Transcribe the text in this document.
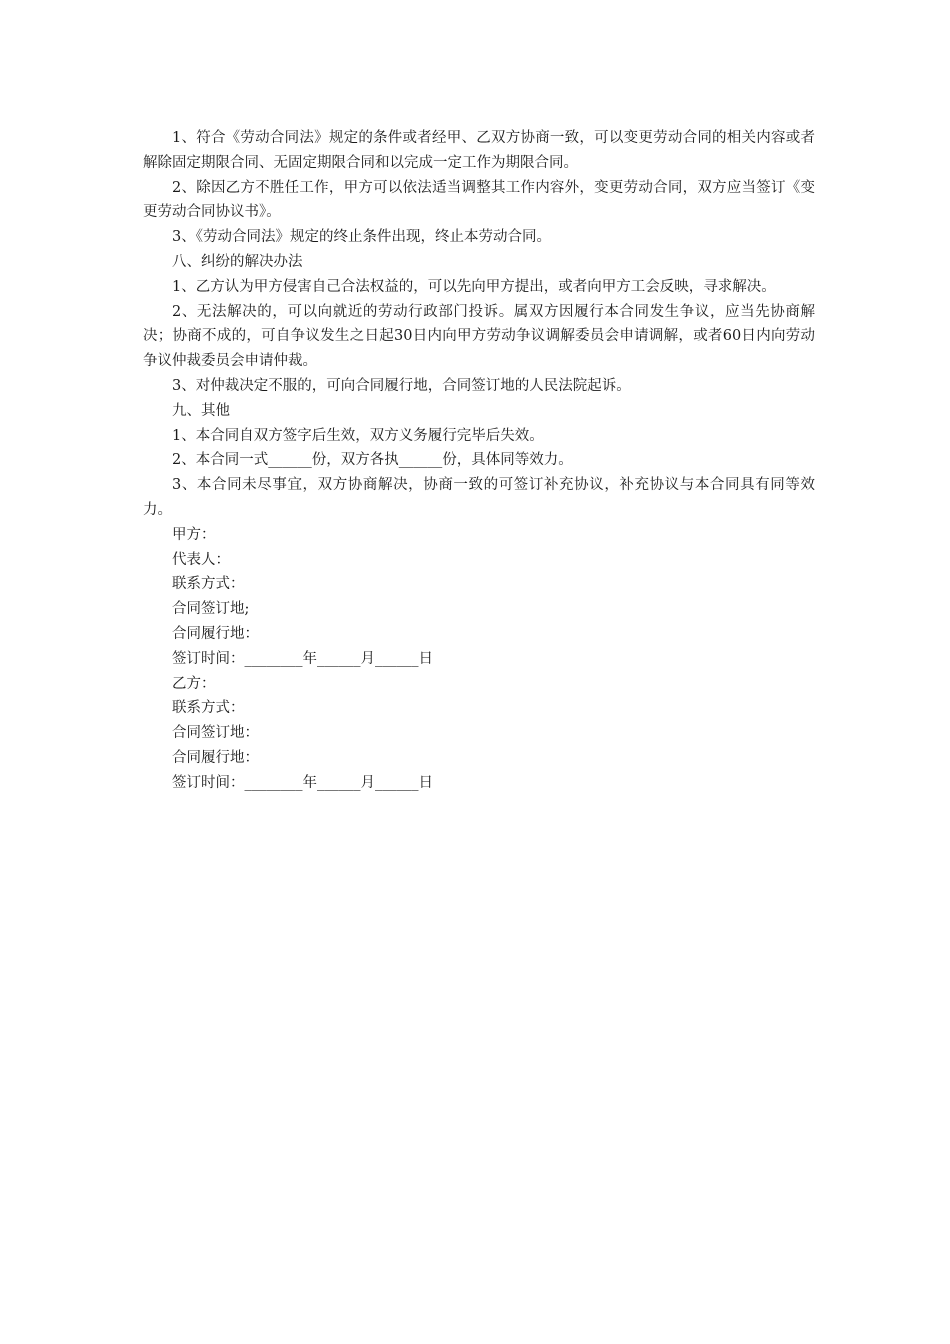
1、符合《劳动合同法》规定的条件或者经甲、乙双方协商一致，可以变更劳动合同的相关内容或者解除固定期限合同、无固定期限合同和以完成一定工作为期限合同。

2、除因乙方不胜任工作，甲方可以依法适当调整其工作内容外，变更劳动合同，双方应当签订《变更劳动合同协议书》。

3、《劳动合同法》规定的终止条件出现，终止本劳动合同。

八、纠纷的解决办法

1、乙方认为甲方侵害自己合法权益的，可以先向甲方提出，或者向甲方工会反映，寻求解决。

2、无法解决的，可以向就近的劳动行政部门投诉。属双方因履行本合同发生争议，应当先协商解决；协商不成的，可自争议发生之日起30日内向甲方劳动争议调解委员会申请调解，或者60日内向劳动争议仲裁委员会申请仲裁。

3、对仲裁决定不服的，可向合同履行地，合同签订地的人民法院起诉。

九、其他

1、本合同自双方签字后生效，双方义务履行完毕后失效。

2、本合同一式______份，双方各执______份，具体同等效力。

3、本合同未尽事宜，双方协商解决，协商一致的可签订补充协议，补充协议与本合同具有同等效力。

甲方：

代表人：

联系方式：

合同签订地;

合同履行地：

签订时间：________年______月______日

乙方：

联系方式：

合同签订地：

合同履行地：

签订时间：________年______月______日
